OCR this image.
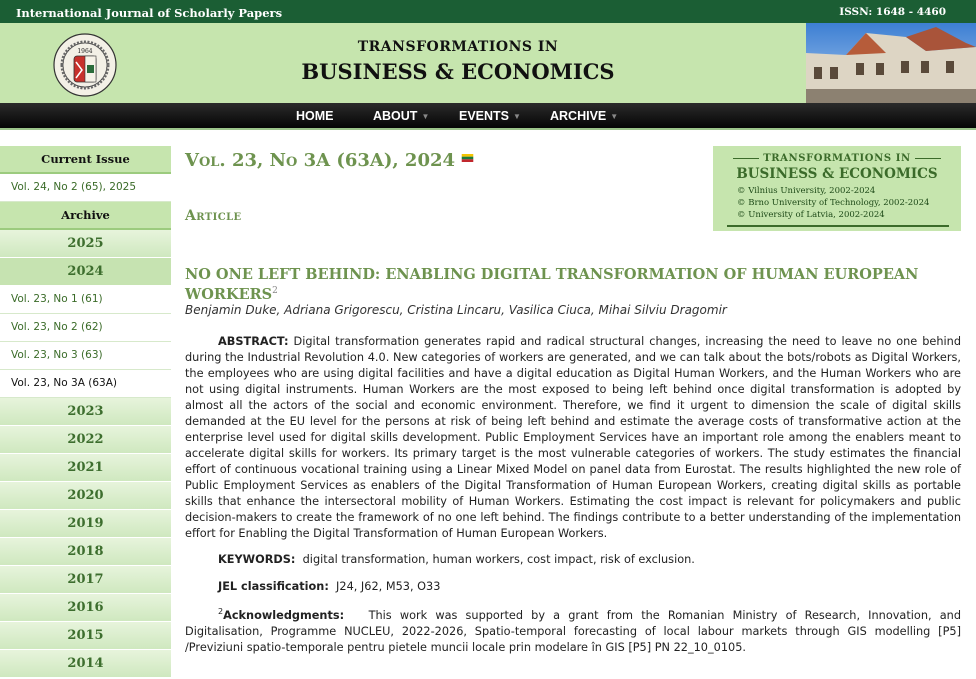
International Journal of Scholarly Papers	ISSN: 1648 - 4460
1964	TRANSFORMATIONS IN
BUSINESS & ECONOMICS
HOME	ABOUT ▼ EVENTS ▼ ARCHIVE ▼
Current Issue
Vol. 24, No 2 (65), 2025
Archive
2025
2024
Vol. 23, No 1 (61)
Vol. 23, No 2 (62)
Vol. 23, No 3 (63)
Vol. 23, No 3A (63A)
2023
2022
2021
2020
2019
2018
2017
2016
2015
2014
Vol. 23, No 3A (63A), 2024
Article
TRANSFORMATIONS IN
BUSINESS & ECONOMICS
© Vilnius University, 2002-2024
© Brno University of Technology, 2002-2024
© University of Latvia, 2002-2024
NO ONE LEFT BEHIND: ENABLING DIGITAL TRANSFORMATION OF HUMAN EUROPEAN WORKERS$^2$
Benjamin Duke, Adriana Grigorescu, Cristina Lincaru, Vasilica Ciuca, Mihai Silviu Dragomir
ABSTRACT: Digital transformation generates rapid and radical structural changes, increasing the need to leave no one behind during the Industrial Revolution 4.0. New categories of workers are generated, and we can talk about the bots/robots as Digital Workers, the employees who are using digital facilities and have a digital education as Digital Human Workers, and the Human Workers who are not using digital instruments. Human Workers are the most exposed to being left behind once digital transformation is adopted by almost all the actors of the social and economic environment. Therefore, we find it urgent to dimension the scale of digital skills demanded at the EU level for the persons at risk of being left behind and estimate the average costs of transformative action at the enterprise level used for digital skills development. Public Employment Services have an important role among the enablers meant to accelerate digital skills for workers. Its primary target is the most vulnerable categories of workers. The study estimates the financial effort of continuous vocational training using a Linear Mixed Model on panel data from Eurostat. The results highlighted the new role of Public Employment Services as enablers of the Digital Transformation of Human European Workers, creating digital skills as portable skills that enhance the intersectoral mobility of Human Workers. Estimating the cost impact is relevant for policymakers and public decision-makers to create the framework of no one left behind. The findings contribute to a better understanding of the implementation effort for Enabling the Digital Transformation of Human European Workers.
KEYWORDS: digital transformation, human workers, cost impact, risk of exclusion.
JEL classification: J24, J62, M53, O33
$^2$Acknowledgments: This work was supported by a grant from the Romanian Ministry of Research, Innovation, and Digitalisation, Programme NUCLEU, 2022-2026, Spatio-temporal forecasting of local labour markets through GIS modelling [P5] /Previziuni spatio-temporale pentru pietele muncii locale prin modelare în GIS [P5] PN 22_10_0105.
